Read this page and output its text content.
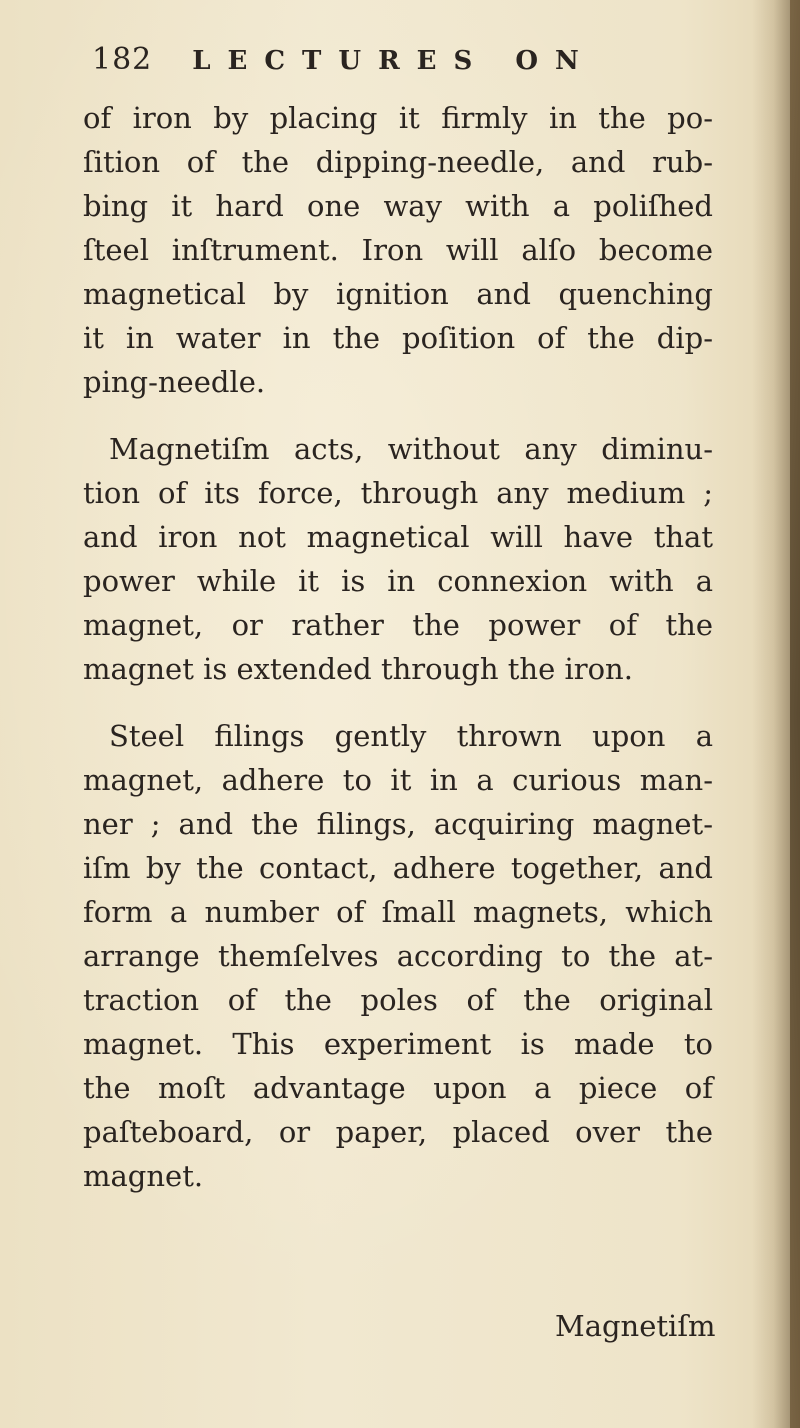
182 LECTURES ON
of iron by placing it firmly in the po-
ſition of the dipping-needle, and rub-
bing it hard one way with a poliſhed
ſteel inſtrument. Iron will alſo become
magnetical by ignition and quenching
it in water in the poſition of the dip-
ping-needle.
Magnetiſm acts, without any diminu-
tion of its force, through any medium ;
and iron not magnetical will have that
power while it is in connexion with a
magnet, or rather the power of the
magnet is extended through the iron.
Steel filings gently thrown upon a
magnet, adhere to it in a curious man-
ner ; and the filings, acquiring magnet-
iſm by the contact, adhere together, and
form a number of ſmall magnets, which
arrange themſelves according to the at-
traction of the poles of the original
magnet. This experiment is made to
the moſt advantage upon a piece of
paſteboard, or paper, placed over the
magnet.
Magnetiſm
